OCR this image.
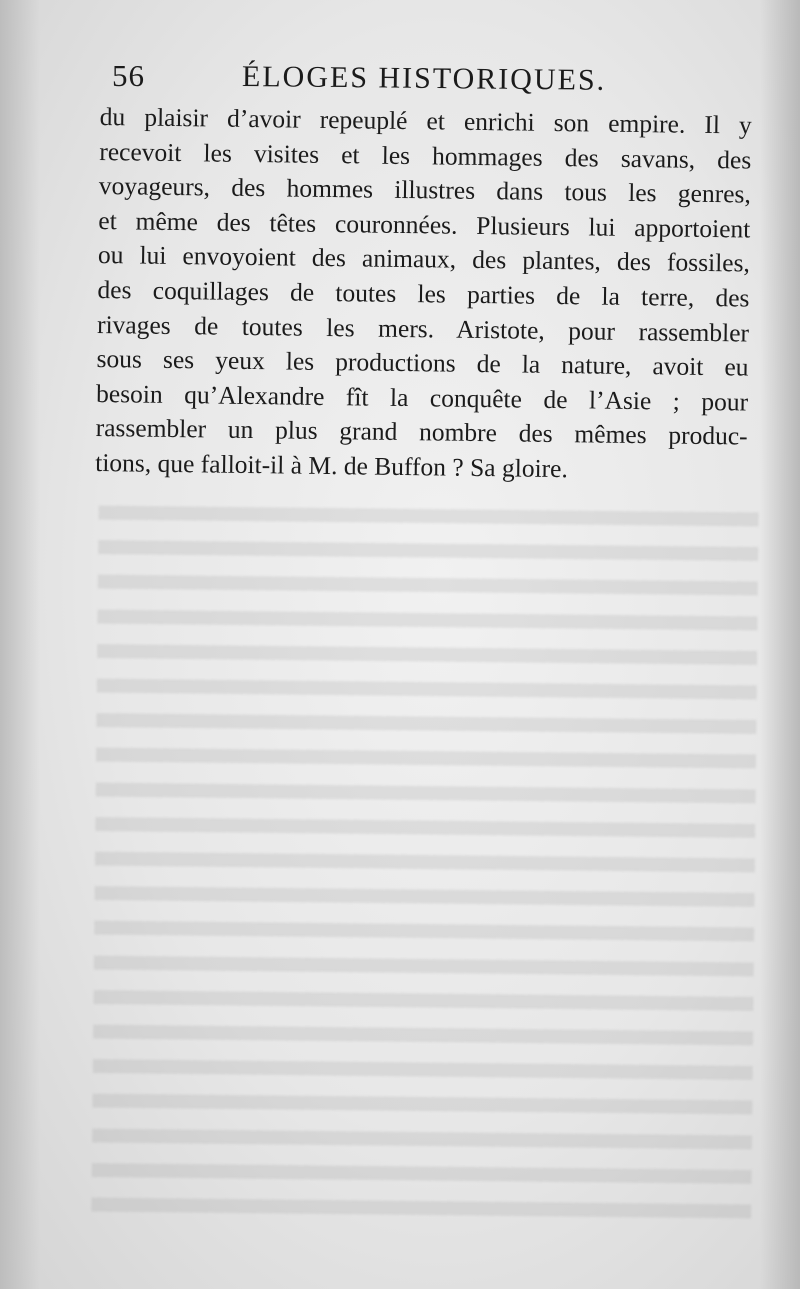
56	ÉLOGES HISTORIQUES.
du plaisir d’avoir repeuplé et enrichi son empire. Il y
recevoit les visites et les hommages des savans, des
voyageurs, des hommes illustres dans tous les genres,
et même des têtes couronnées. Plusieurs lui apportoient
ou lui envoyoient des animaux, des plantes, des fossiles,
des coquillages de toutes les parties de la terre, des
rivages de toutes les mers. Aristote, pour rassembler
sous ses yeux les productions de la nature, avoit eu
besoin qu’Alexandre fît la conquête de l’Asie ; pour
rassembler un plus grand nombre des mêmes produc-
tions, que falloit-il à M. de Buffon ? Sa gloire.
